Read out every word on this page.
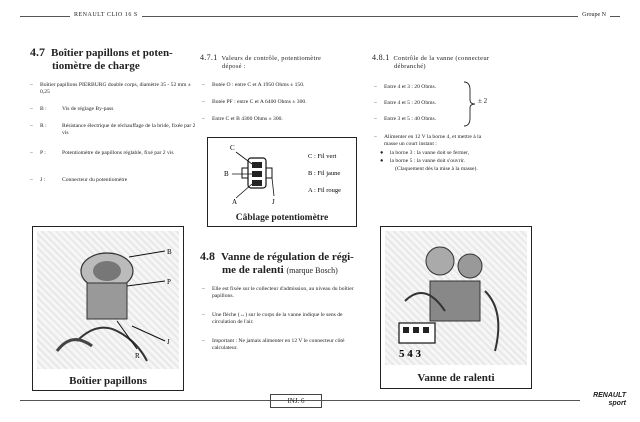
RENAULT CLIO 16 S	Groupe N
4.7 Boîtier papillons et poten-
tiomètre de charge
– Boîtier papillons PIERBURG double corps, diamètre 35 - 52 mm ± 0,25
– B :	Vis de réglage By-pass
– R :	Résistance électrique de réchauffage de la bride, fixée par 2 vis
– P :	Potentiomètre de papillons réglable, fixé par 2 vis
– J :	Connecteur du potentiomètre
B
P
R
J
Boîtier papillons
4.7.1 Valeurs de contrôle, potentiomètre
déposé :
– Butée O : entre C et A 1950 Ohms ± 150.
– Butée PF : entre C et A 6400 Ohms ± 300.
– Entre C et B 4300 Ohms ± 300.
C
B
A	J
C : Fil vert
B : Fil jaune
A : Fil rouge
Câblage potentiomètre
4.8 Vanne de régulation de régi-
me de ralenti (marque Bosch)
– Elle est fixée sur le collecteur d'admission, au niveau du boîtier papillons.
– Une flèche (↔) sur le corps de la vanne indique le sens de circulation de l'air.
– Important : Ne jamais alimenter en 12 V le connecteur côté calculateur.
4.8.1 Contrôle de la vanne (connecteur
débranché)
– Entre 4 et 3 : 20 Ohms.
– Entre 4 et 5 : 20 Ohms.
– Entre 3 et 5 : 40 Ohms.
± 2
– Alimenter en 12 V la borne 4, et mettre à la
masse un court instant :
● la borne 3 : la vanne doit se fermer,
● la borne 5 : la vanne doit s'ouvrir.
(Claquement dès la mise à la masse).
5 4 3
Vanne de ralenti
INJ. 6
RENAULT
sport
